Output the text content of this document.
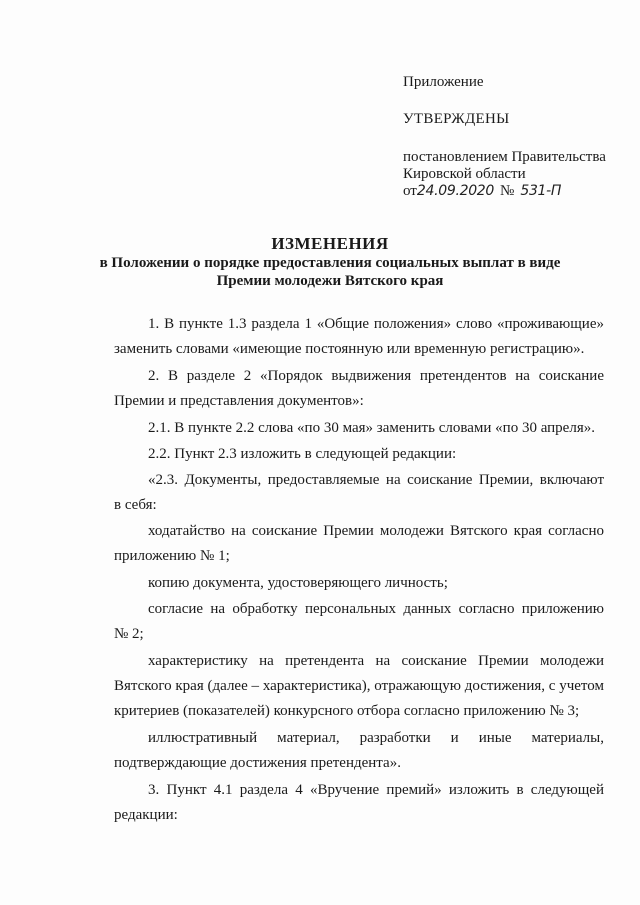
Приложение
УТВЕРЖДЕНЫ
постановлением Правительства
Кировской области
от24.09.2020 № 531-П
ИЗМЕНЕНИЯ
в Положении о порядке предоставления социальных выплат в виде
Премии молодежи Вятского края
1. В пункте 1.3 раздела 1 «Общие положения» слово «проживающие»
заменить словами «имеющие постоянную или временную регистрацию».
2. В разделе 2 «Порядок выдвижения претендентов на соискание
Премии и представления документов»:
2.1. В пункте 2.2 слова «по 30 мая» заменить словами «по 30 апреля».
2.2. Пункт 2.3 изложить в следующей редакции:
«2.3. Документы, предоставляемые на соискание Премии, включают
в себя:
ходатайство на соискание Премии молодежи Вятского края согласно
приложению № 1;
копию документа, удостоверяющего личность;
согласие на обработку персональных данных согласно приложению
№ 2;
характеристику на претендента на соискание Премии молодежи
Вятского края (далее – характеристика), отражающую достижения, с учетом
критериев (показателей) конкурсного отбора согласно приложению № 3;
иллюстративный материал, разработки и иные материалы,
подтверждающие достижения претендента».
3. Пункт 4.1 раздела 4 «Вручение премий» изложить в следующей
редакции:
